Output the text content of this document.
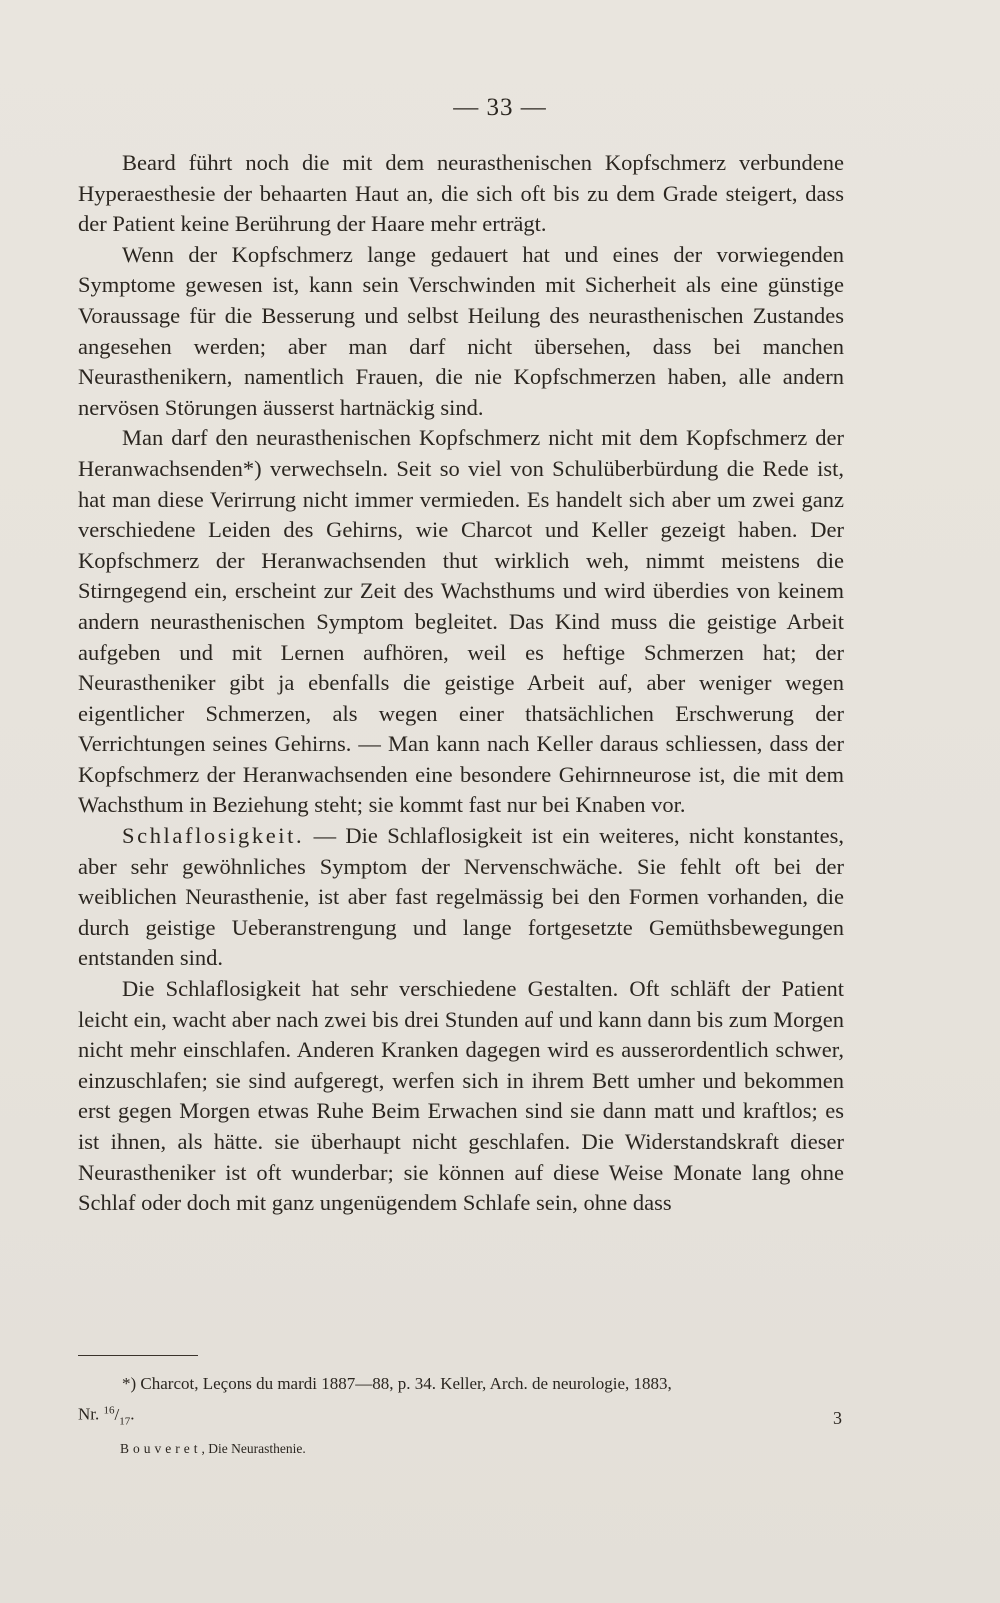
— 33 —

Beard führt noch die mit dem neurasthenischen Kopfschmerz verbundene Hyperaesthesie der behaarten Haut an, die sich oft bis zu dem Grade steigert, dass der Patient keine Berührung der Haare mehr erträgt.

Wenn der Kopfschmerz lange gedauert hat und eines der vorwiegenden Symptome gewesen ist, kann sein Verschwinden mit Sicherheit als eine günstige Voraussage für die Besserung und selbst Heilung des neurasthenischen Zustandes angesehen werden; aber man darf nicht übersehen, dass bei manchen Neurasthenikern, namentlich Frauen, die nie Kopfschmerzen haben, alle andern nervösen Störungen äusserst hartnäckig sind.

Man darf den neurasthenischen Kopfschmerz nicht mit dem Kopfschmerz der Heranwachsenden*) verwechseln. Seit so viel von Schulüberbürdung die Rede ist, hat man diese Verirrung nicht immer vermieden. Es handelt sich aber um zwei ganz verschiedene Leiden des Gehirns, wie Charcot und Keller gezeigt haben. Der Kopfschmerz der Heranwachsenden thut wirklich weh, nimmt meistens die Stirngegend ein, erscheint zur Zeit des Wachsthums und wird überdies von keinem andern neurasthenischen Symptom begleitet. Das Kind muss die geistige Arbeit aufgeben und mit Lernen aufhören, weil es heftige Schmerzen hat; der Neurastheniker gibt ja ebenfalls die geistige Arbeit auf, aber weniger wegen eigentlicher Schmerzen, als wegen einer thatsächlichen Erschwerung der Verrichtungen seines Gehirns. — Man kann nach Keller daraus schliessen, dass der Kopfschmerz der Heranwachsenden eine besondere Gehirnneurose ist, die mit dem Wachsthum in Beziehung steht; sie kommt fast nur bei Knaben vor.

Schlaflosigkeit. — Die Schlaflosigkeit ist ein weiteres, nicht konstantes, aber sehr gewöhnliches Symptom der Nervenschwäche. Sie fehlt oft bei der weiblichen Neurasthenie, ist aber fast regelmässig bei den Formen vorhanden, die durch geistige Ueberanstrengung und lange fortgesetzte Gemüthsbewegungen entstanden sind.

Die Schlaflosigkeit hat sehr verschiedene Gestalten. Oft schläft der Patient leicht ein, wacht aber nach zwei bis drei Stunden auf und kann dann bis zum Morgen nicht mehr einschlafen. Anderen Kranken dagegen wird es ausserordentlich schwer, einzuschlafen; sie sind aufgeregt, werfen sich in ihrem Bett umher und bekommen erst gegen Morgen etwas Ruhe Beim Erwachen sind sie dann matt und kraftlos; es ist ihnen, als hätte. sie überhaupt nicht geschlafen. Die Widerstandskraft dieser Neurastheniker ist oft wunderbar; sie können auf diese Weise Monate lang ohne Schlaf oder doch mit ganz ungenügendem Schlafe sein, ohne dass

*) Charcot, Leçons du mardi 1887—88, p. 34. Keller, Arch. de neurologie, 1883,
Nr. $^{16}/_{17}$.	3
Bouveret, Die Neurasthenie.
